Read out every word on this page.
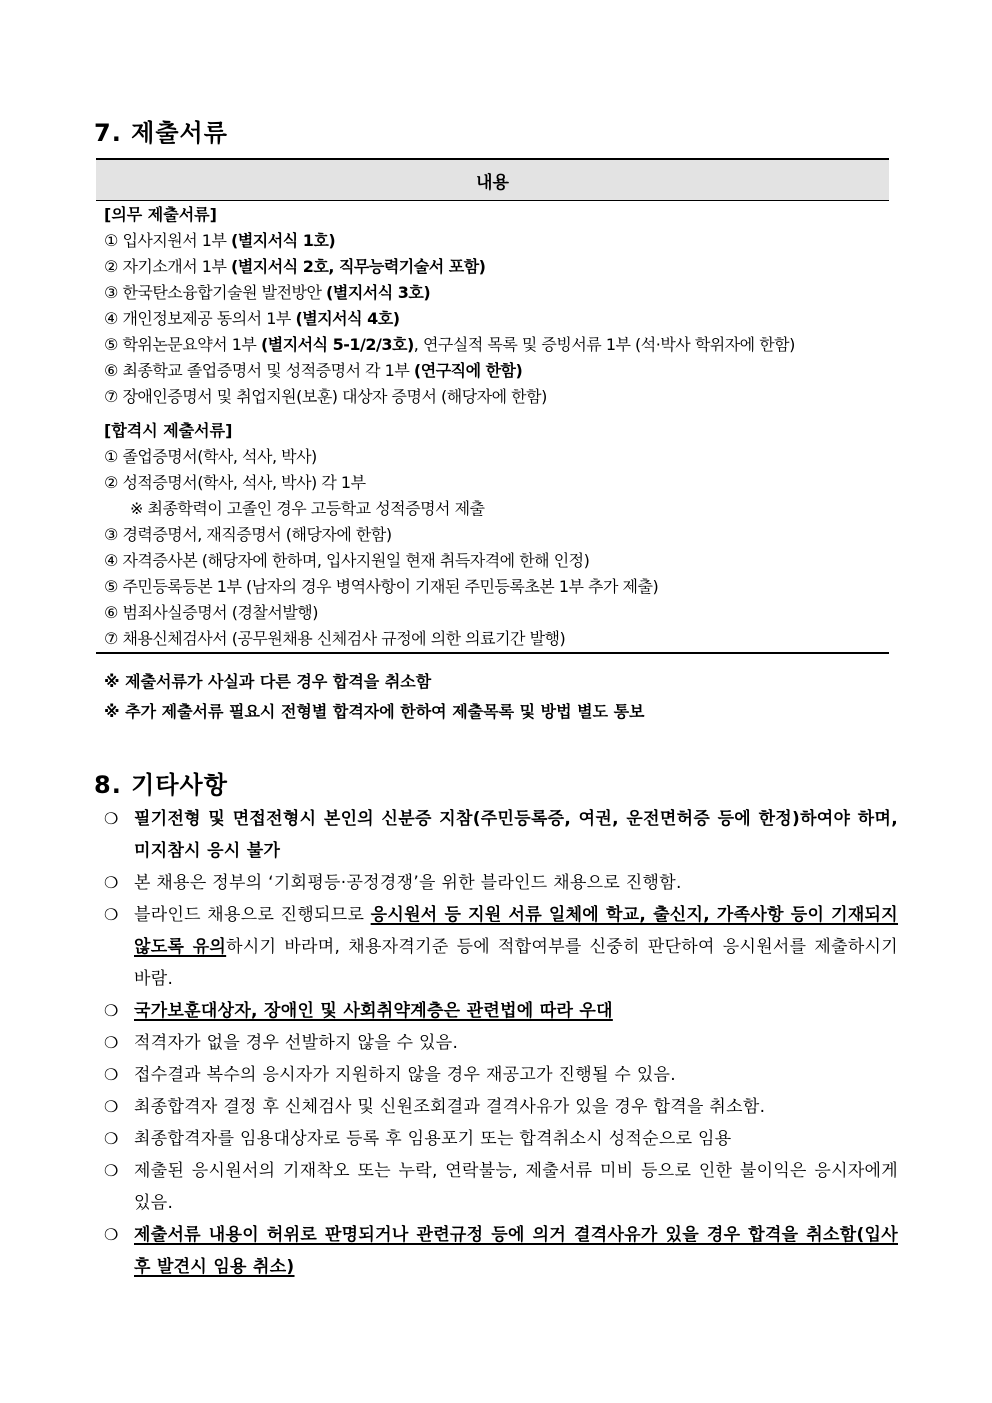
7. 제출서류
내용
[의무 제출서류]
① 입사지원서 1부 (별지서식 1호)
② 자기소개서 1부 (별지서식 2호, 직무능력기술서 포함)
③ 한국탄소융합기술원 발전방안 (별지서식 3호)
④ 개인정보제공 동의서 1부 (별지서식 4호)
⑤ 학위논문요약서 1부 (별지서식 5-1/2/3호), 연구실적 목록 및 증빙서류 1부 (석·박사 학위자에 한함)
⑥ 최종학교 졸업증명서 및 성적증명서 각 1부 (연구직에 한함)
⑦ 장애인증명서 및 취업지원(보훈) 대상자 증명서 (해당자에 한함)
[합격시 제출서류]
① 졸업증명서(학사, 석사, 박사)
② 성적증명서(학사, 석사, 박사) 각 1부
※ 최종학력이 고졸인 경우 고등학교 성적증명서 제출
③ 경력증명서, 재직증명서 (해당자에 한함)
④ 자격증사본 (해당자에 한하며, 입사지원일 현재 취득자격에 한해 인정)
⑤ 주민등록등본 1부 (남자의 경우 병역사항이 기재된 주민등록초본 1부 추가 제출)
⑥ 범죄사실증명서 (경찰서발행)
⑦ 채용신체검사서 (공무원채용 신체검사 규정에 의한 의료기간 발행)
※ 제출서류가 사실과 다른 경우 합격을 취소함
※ 추가 제출서류 필요시 전형별 합격자에 한하여 제출목록 및 방법 별도 통보
8. 기타사항
❍ 필기전형 및 면접전형시 본인의 신분증 지참(주민등록증, 여권, 운전면허증 등에 한정)하여야 하며, 미지참시 응시 불가
❍ 본 채용은 정부의 ‘기회평등·공정경쟁’을 위한 블라인드 채용으로 진행함.
❍ 블라인드 채용으로 진행되므로 응시원서 등 지원 서류 일체에 학교, 출신지, 가족사항 등이 기재되지 않도록 유의하시기 바라며, 채용자격기준 등에 적합여부를 신중히 판단하여 응시원서를 제출하시기 바람.
❍ 국가보훈대상자, 장애인 및 사회취약계층은 관련법에 따라 우대
❍ 적격자가 없을 경우 선발하지 않을 수 있음.
❍ 접수결과 복수의 응시자가 지원하지 않을 경우 재공고가 진행될 수 있음.
❍ 최종합격자 결정 후 신체검사 및 신원조회결과 결격사유가 있을 경우 합격을 취소함.
❍ 최종합격자를 임용대상자로 등록 후 임용포기 또는 합격취소시 성적순으로 임용
❍ 제출된 응시원서의 기재착오 또는 누락, 연락불능, 제출서류 미비 등으로 인한 불이익은 응시자에게 있음.
❍ 제출서류 내용이 허위로 판명되거나 관련규정 등에 의거 결격사유가 있을 경우 합격을 취소함(입사 후 발견시 임용 취소)
